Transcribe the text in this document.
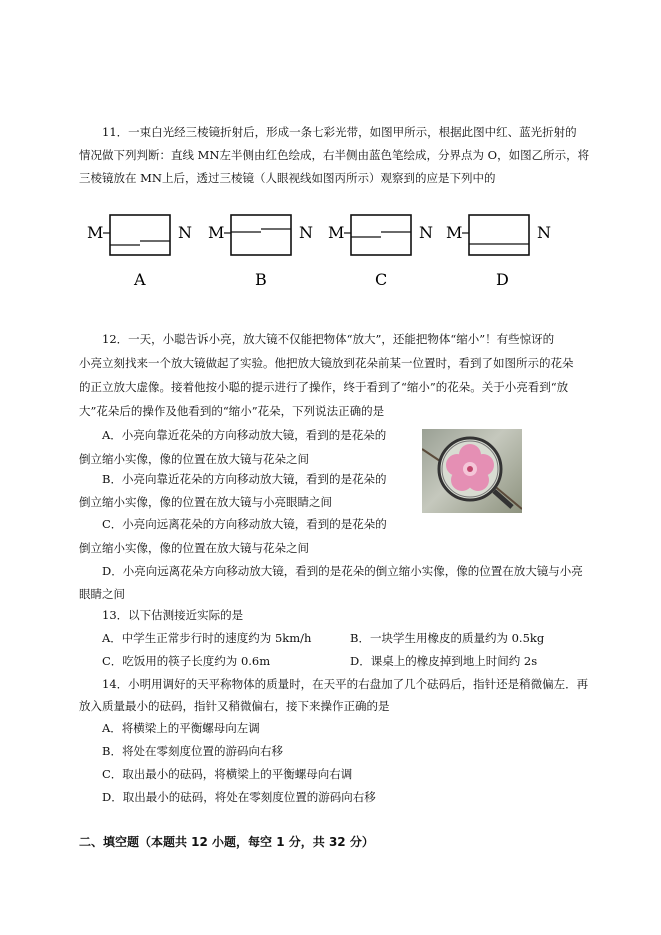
11．一束白光经三棱镜折射后，形成一条七彩光带，如图甲所示，根据此图中红、蓝光折射的
情况做下列判断：直线 MN左半侧由红色绘成，右半侧由蓝色笔绘成，分界点为 O，如图乙所示，将
三棱镜放在 MN上后，透过三棱镜（人眼视线如图丙所示）观察到的应是下列中的
M	N
A
M	N
B
M	N
C
M	N
D
12．一天，小聪告诉小亮，放大镜不仅能把物体“放大”，还能把物体“缩小”！有些惊讶的
小亮立刻找来一个放大镜做起了实验。他把放大镜放到花朵前某一位置时，看到了如图所示的花朵
的正立放大虚像。接着他按小聪的提示进行了操作，终于看到了“缩小”的花朵。关于小亮看到“放
大”花朵后的操作及他看到的“缩小”花朵，下列说法正确的是
A．小亮向靠近花朵的方向移动放大镜，看到的是花朵的
倒立缩小实像，像的位置在放大镜与花朵之间
B．小亮向靠近花朵的方向移动放大镜，看到的是花朵的
倒立缩小实像，像的位置在放大镜与小亮眼睛之间
C．小亮向远离花朵的方向移动放大镜，看到的是花朵的
倒立缩小实像，像的位置在放大镜与花朵之间
D．小亮向远离花朵方向移动放大镜，看到的是花朵的倒立缩小实像，像的位置在放大镜与小亮
眼睛之间
13．以下估测接近实际的是
A．中学生正常步行时的速度约为 5km/h	B．一块学生用橡皮的质量约为 0.5kg
C．吃饭用的筷子长度约为 0.6m	D．课桌上的橡皮掉到地上时间约 2s
14．小明用调好的天平称物体的质量时，在天平的右盘加了几个砝码后，指针还是稍微偏左．再
放入质量最小的砝码，指针又稍微偏右，接下来操作正确的是
A．将横梁上的平衡螺母向左调
B．将处在零刻度位置的游码向右移
C．取出最小的砝码，将横梁上的平衡螺母向右调
D．取出最小的砝码，将处在零刻度位置的游码向右移
二、填空题（本题共 12 小题，每空 1 分，共 32 分）
